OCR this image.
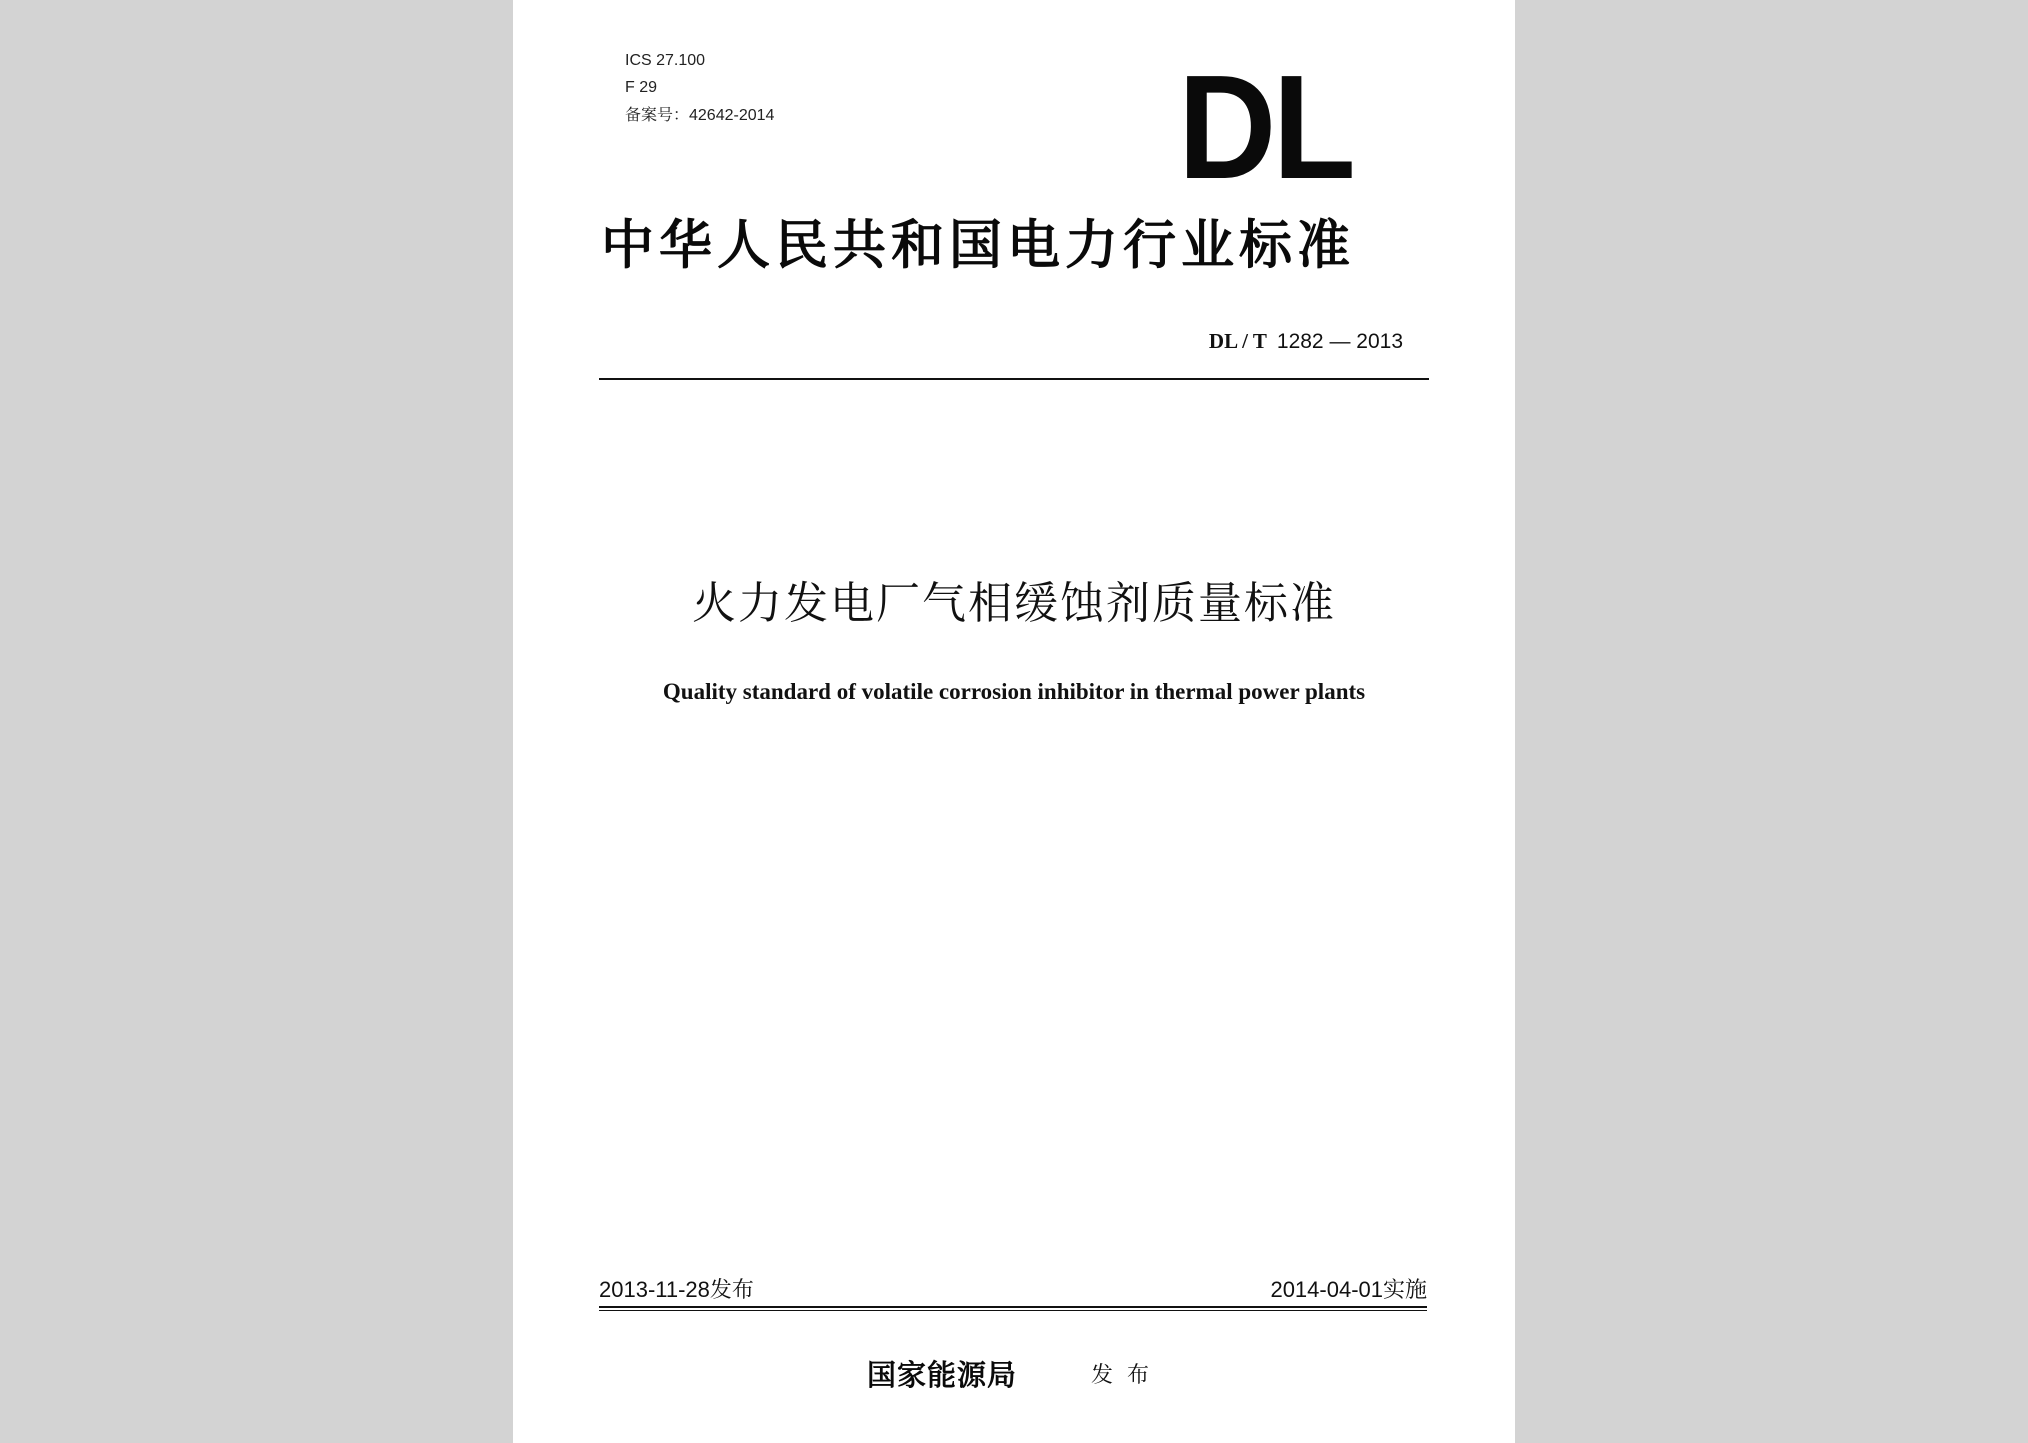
ICS 27.100
F 29
备案号：42642-2014	DL
中华人民共和国电力行业标准
DL / T 1282 — 2013
火力发电厂气相缓蚀剂质量标准
Quality standard of volatile corrosion inhibitor in thermal power plants
2013-11-28发布	2014-04-01实施
国家能源局	发布
